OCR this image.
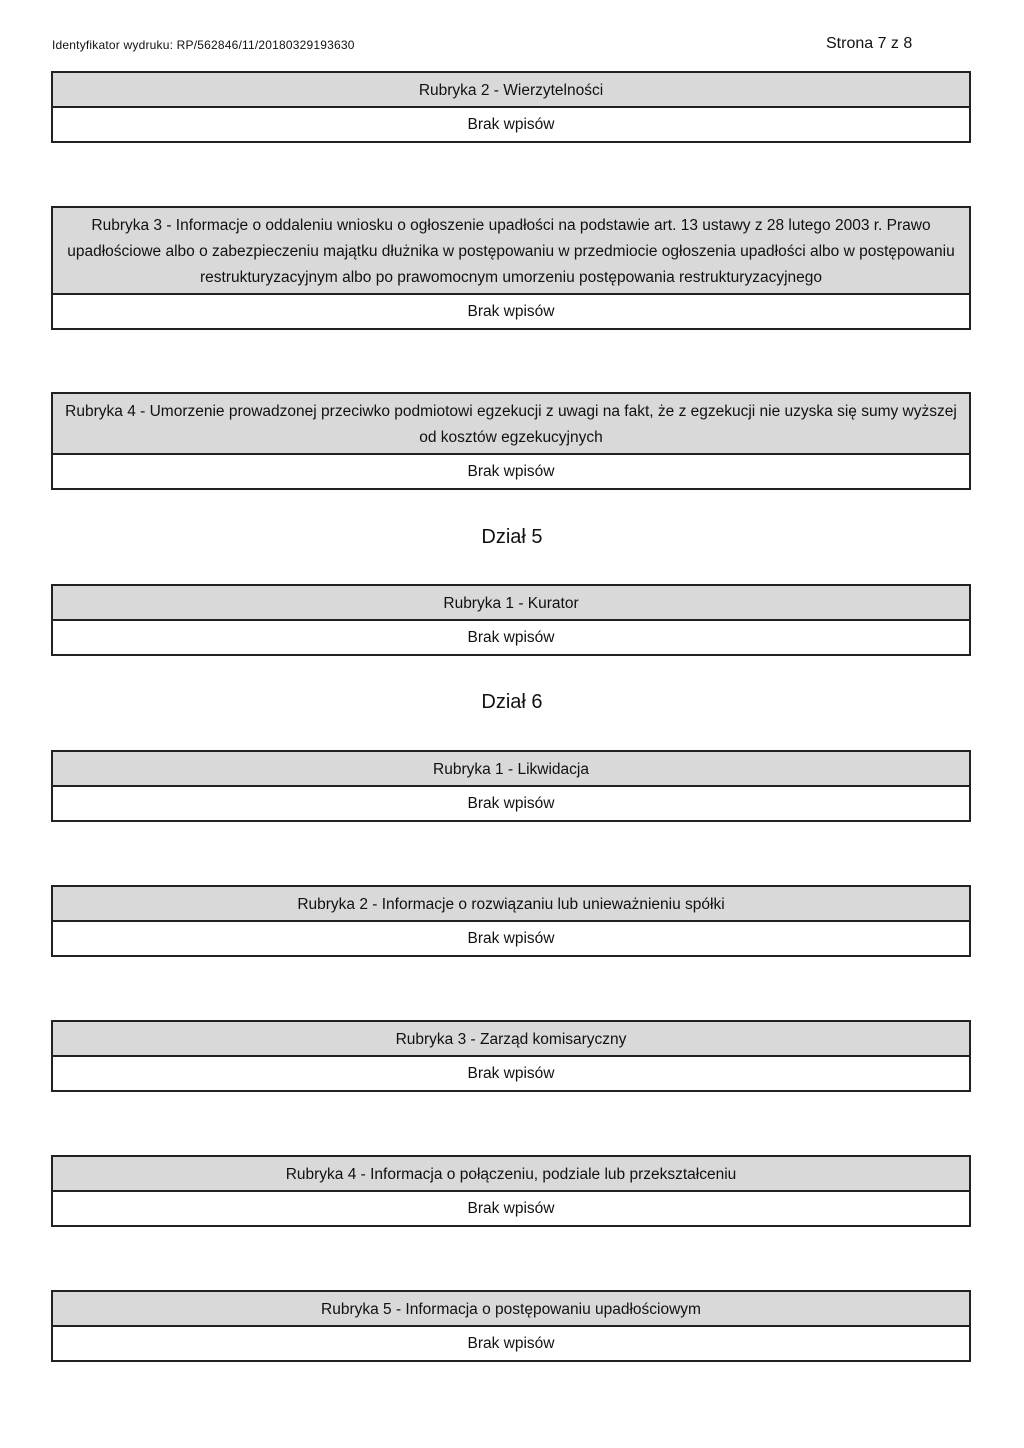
Identyfikator wydruku: RP/562846/11/20180329193630	Strona 7 z 8
Rubryka 2 - Wierzytelności
Brak wpisów
Rubryka 3 - Informacje o oddaleniu wniosku o ogłoszenie upadłości na podstawie art. 13 ustawy z 28 lutego 2003 r. Prawo upadłościowe albo o zabezpieczeniu majątku dłużnika w postępowaniu w przedmiocie ogłoszenia upadłości albo w postępowaniu restrukturyzacyjnym albo po prawomocnym umorzeniu postępowania restrukturyzacyjnego
Brak wpisów
Rubryka 4 - Umorzenie prowadzonej przeciwko podmiotowi egzekucji z uwagi na fakt, że z egzekucji nie uzyska się sumy wyższej od kosztów egzekucyjnych
Brak wpisów
Dział 5
Rubryka 1 - Kurator
Brak wpisów
Dział 6
Rubryka 1 - Likwidacja
Brak wpisów
Rubryka 2 - Informacje o rozwiązaniu lub unieważnieniu spółki
Brak wpisów
Rubryka 3 - Zarząd komisaryczny
Brak wpisów
Rubryka 4 - Informacja o połączeniu, podziale lub przekształceniu
Brak wpisów
Rubryka 5 - Informacja o postępowaniu upadłościowym
Brak wpisów
